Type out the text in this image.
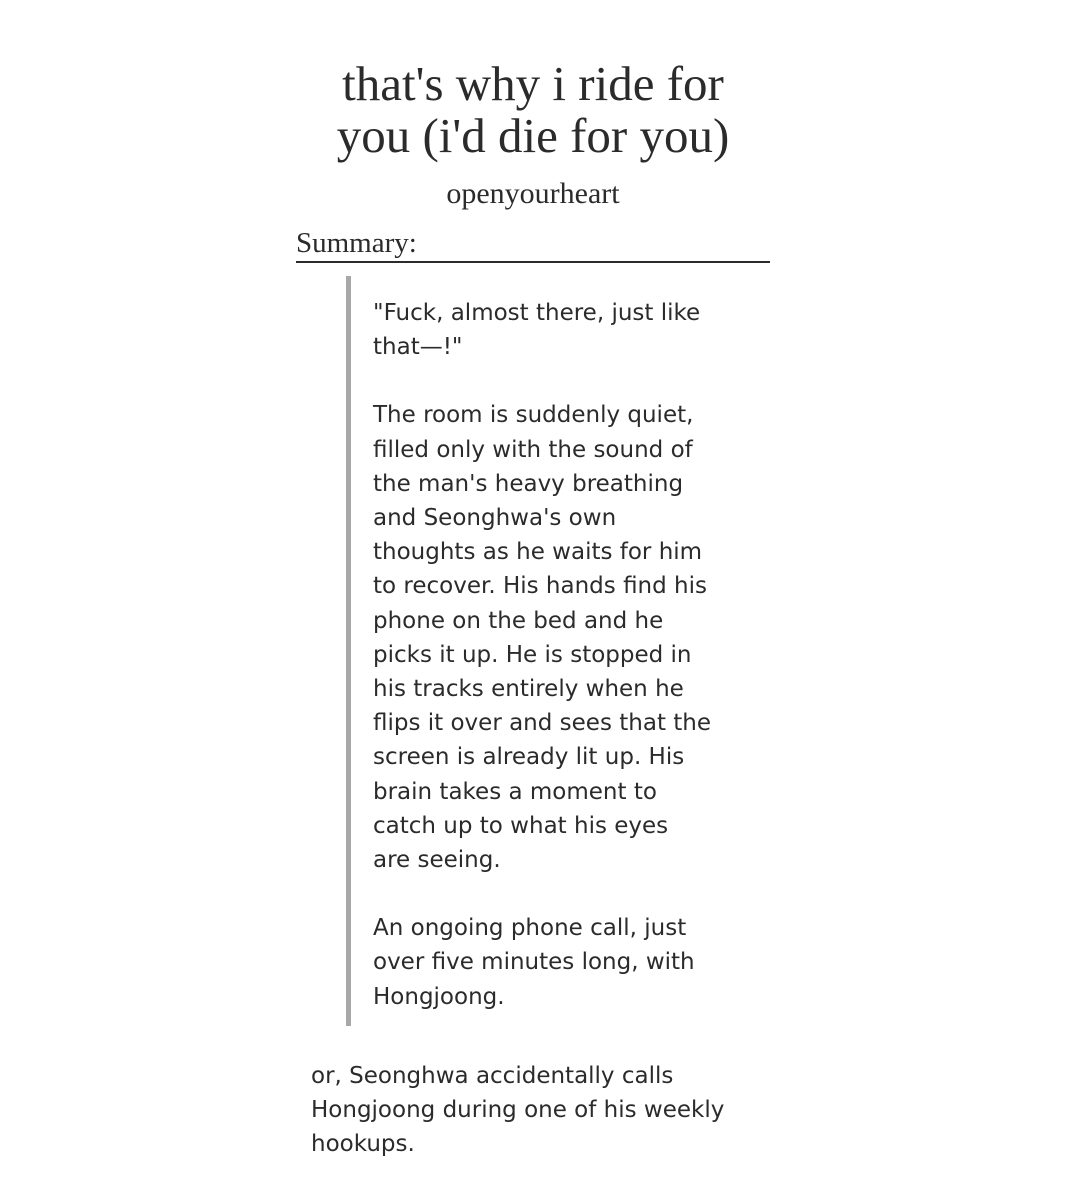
that's why i ride for
you (i'd die for you)
openyourheart
Summary:

"Fuck, almost there, just like
that—!"

The room is suddenly quiet,
filled only with the sound of
the man's heavy breathing
and Seonghwa's own
thoughts as he waits for him
to recover. His hands find his
phone on the bed and he
picks it up. He is stopped in
his tracks entirely when he
flips it over and sees that the
screen is already lit up. His
brain takes a moment to
catch up to what his eyes
are seeing.

An ongoing phone call, just
over five minutes long, with
Hongjoong.

or, Seonghwa accidentally calls
Hongjoong during one of his weekly
hookups.
